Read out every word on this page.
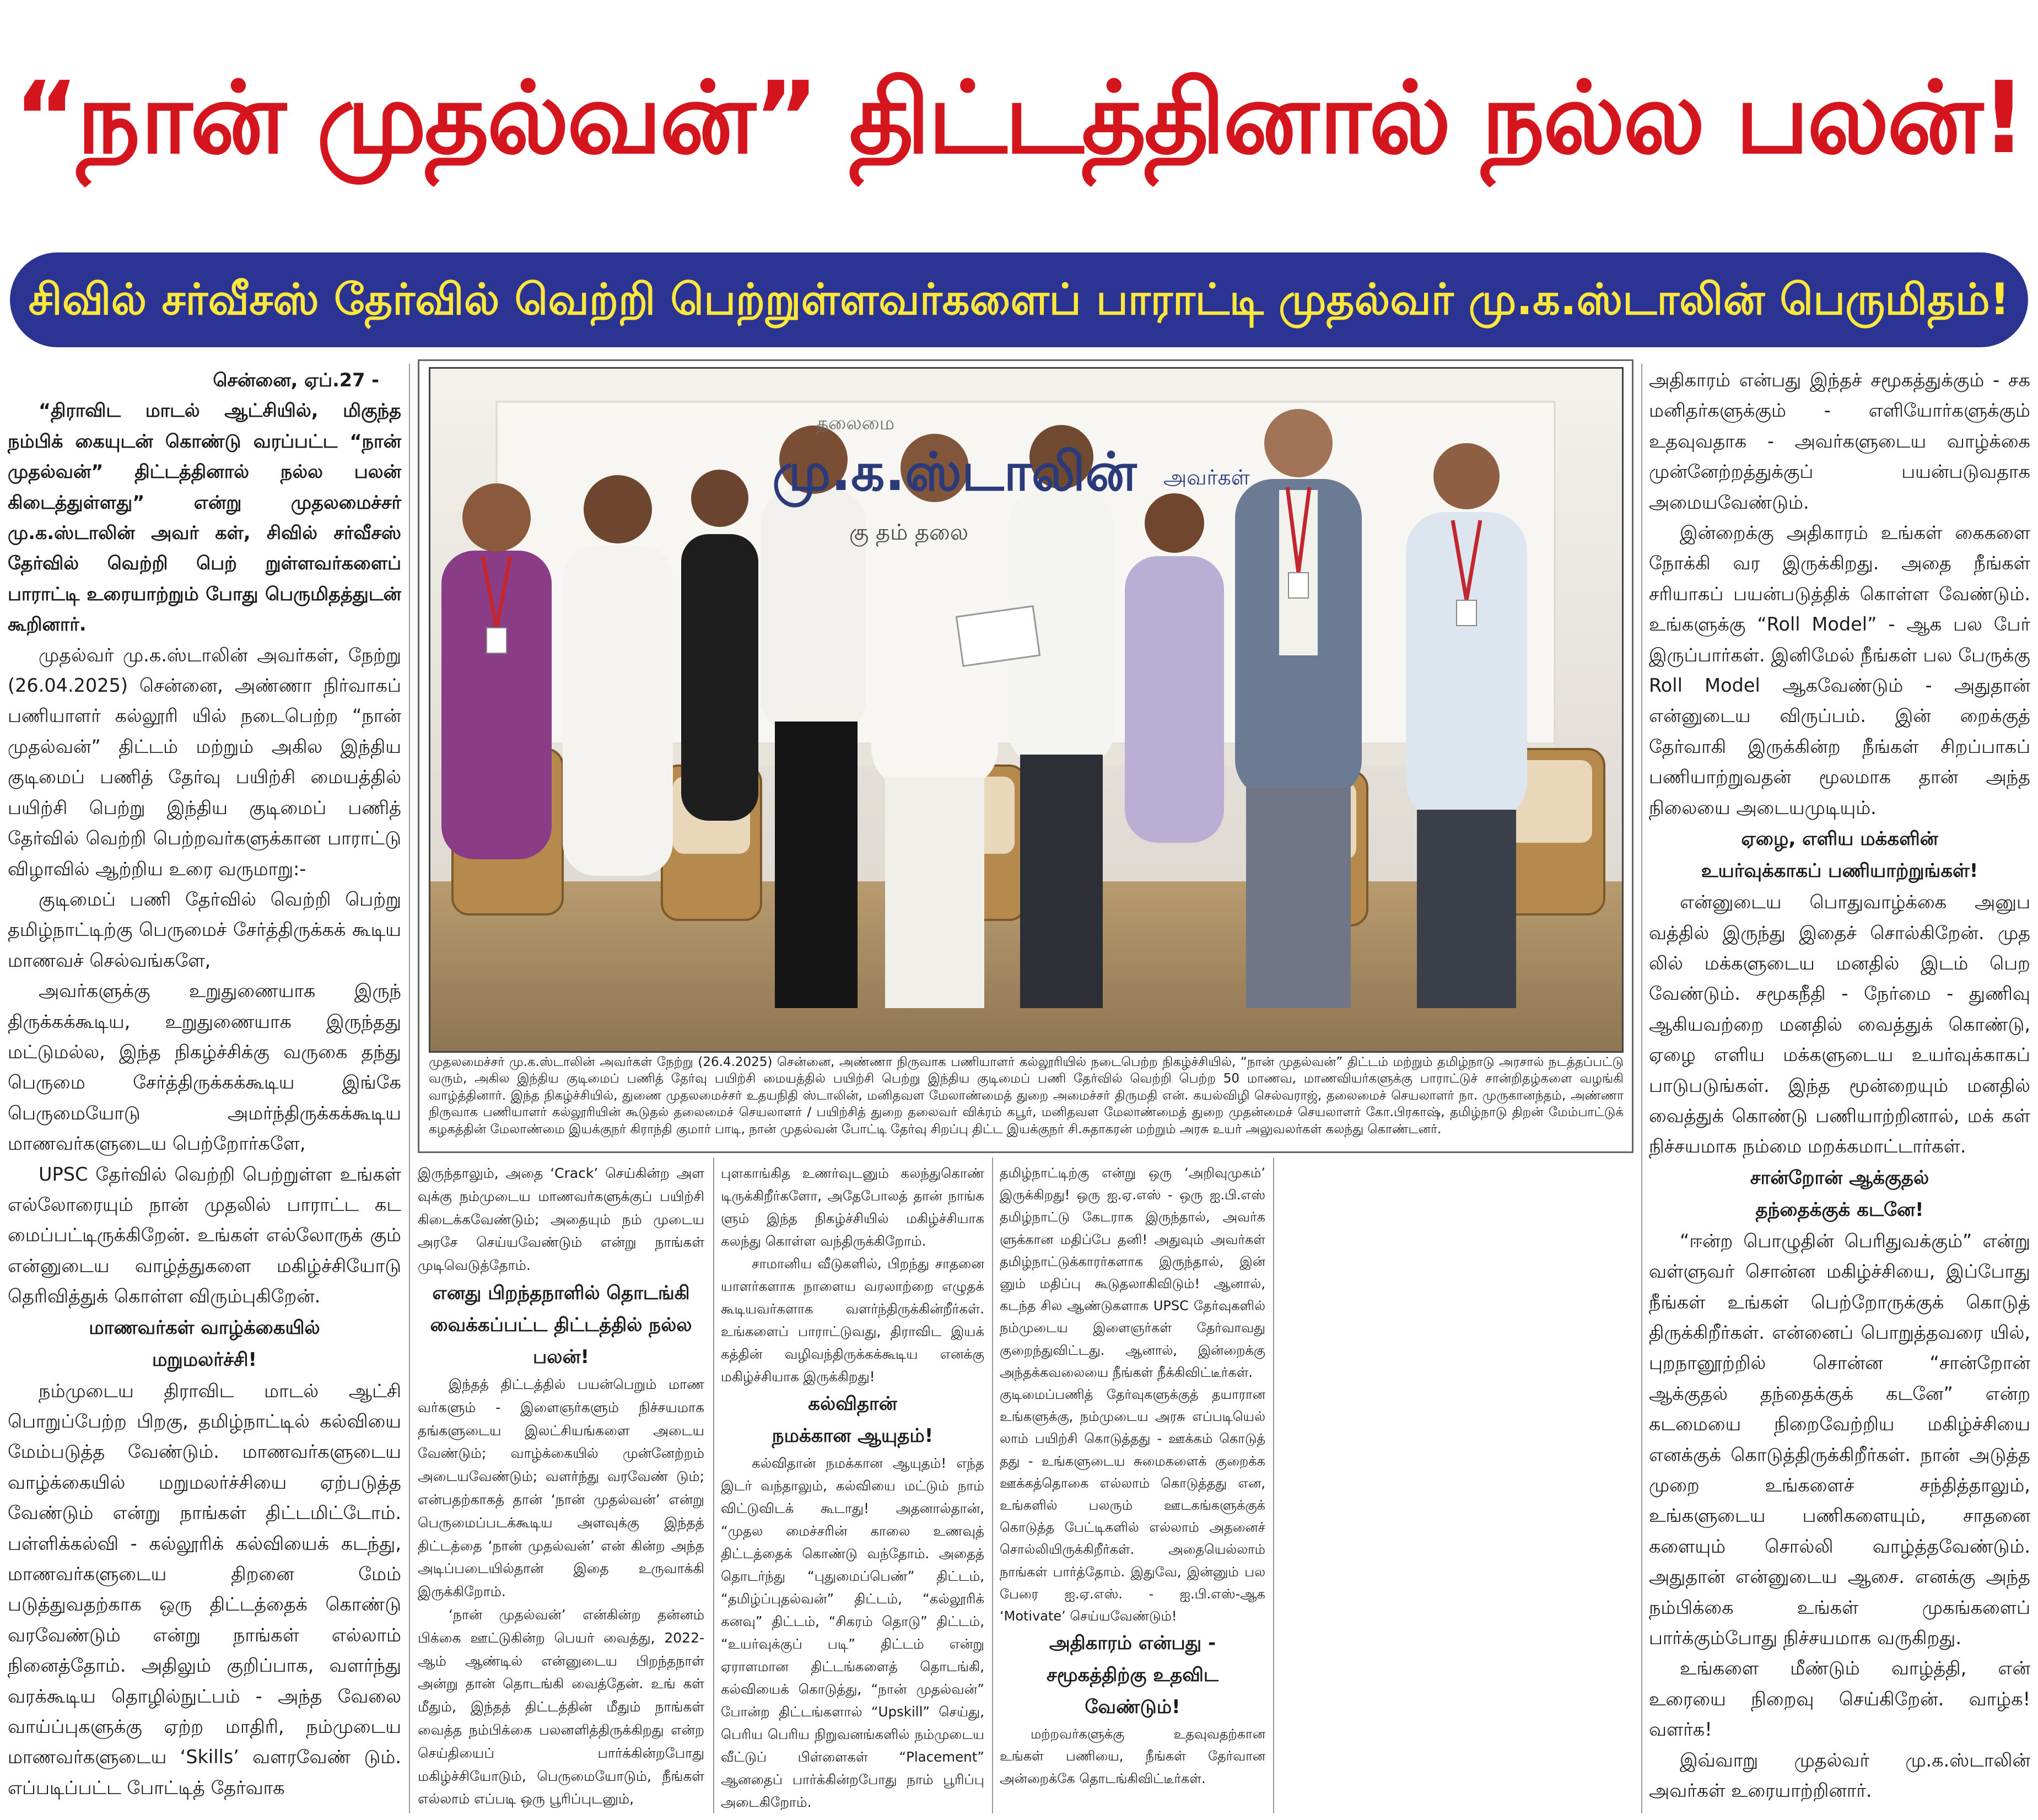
“நான் முதல்வன்” திட்டத்தினால் நல்ல பலன்!
சிவில் சர்வீசஸ் தேர்வில் வெற்றி பெற்றுள்ளவர்களைப் பாராட்டி முதல்வர் மு.க.ஸ்டாலின் பெருமிதம்!

சென்னை, ஏப்.27 -

“திராவிட மாடல் ஆட்சியில், மிகுந்த நம்பிக் கையுடன் கொண்டு வரப்பட்ட “நான் முதல்வன்” திட்டத்தினால் நல்ல பலன் கிடைத்துள்ளது” என்று முதலமைச்சர் மு.க.ஸ்டாலின் அவர் கள், சிவில் சர்வீசஸ் தேர்வில் வெற்றி பெற் றுள்ளவர்களைப் பாராட்டி உரையாற்றும் போது பெருமிதத்துடன் கூறினார்.

முதல்வர் மு.க.ஸ்டாலின் அவர்கள், நேற்று (26.04.2025) சென்னை, அண்ணா நிர்வாகப் பணியாளர் கல்லூரி யில் நடைபெற்ற “நான் முதல்வன்” திட்டம் மற்றும் அகில இந்திய குடிமைப் பணித் தேர்வு பயிற்சி மையத்தில் பயிற்சி பெற்று இந்திய குடிமைப் பணித் தேர்வில் வெற்றி பெற்றவர்களுக்கான பாராட்டு விழாவில் ஆற்றிய உரை வருமாறு:-

குடிமைப் பணி தேர்வில் வெற்றி பெற்று தமிழ்நாட்டிற்கு பெருமைச் சேர்த்திருக்கக் கூடிய மாணவச் செல்வங்களே,

அவர்களுக்கு உறுதுணையாக இருந் திருக்கக்கூடிய, உறுதுணையாக இருந்தது மட்டுமல்ல, இந்த நிகழ்ச்சிக்கு வருகை தந்து பெருமை சேர்த்திருக்கக்கூடிய இங்கே பெருமையோடு அமர்ந்திருக்கக்கூடிய மாணவர்களுடைய பெற்றோர்களே,

UPSC தேர்வில் வெற்றி பெற்றுள்ள உங்கள் எல்லோரையும் நான் முதலில் பாராட்ட கட மைப்பட்டிருக்கிறேன். உங்கள் எல்லோருக் கும் என்னுடைய வாழ்த்துகளை மகிழ்ச்சியோடு தெரிவித்துக் கொள்ள விரும்புகிறேன்.

மாணவர்கள் வாழ்க்கையில்

மறுமலர்ச்சி!

நம்முடைய திராவிட மாடல் ஆட்சி பொறுப்பேற்ற பிறகு, தமிழ்நாட்டில் கல்வியை மேம்படுத்த வேண்டும். மாணவர்களுடைய வாழ்க்கையில் மறுமலர்ச்சியை ஏற்படுத்த வேண்டும் என்று நாங்கள் திட்டமிட்டோம். பள்ளிக்கல்வி - கல்லூரிக் கல்வியைக் கடந்து, மாணவர்களுடைய திறனை மேம் படுத்துவதற்காக ஒரு திட்டத்தைக் கொண்டு வரவேண்டும் என்று நாங்கள் எல்லாம் நினைத்தோம். அதிலும் குறிப்பாக, வளர்ந்து வரக்கூடிய தொழில்நுட்பம் - அந்த வேலை வாய்ப்புகளுக்கு ஏற்ற மாதிரி, நம்முடைய மாணவர்களுடைய ‘Skills’ வளரவேண் டும். எப்படிப்பட்ட போட்டித் தேர்வாக

தலைமை
மு.க.ஸ்டாலின் அவர்கள்
கு தம் தலை
முதலமைச்சர் மு.க.ஸ்டாலின் அவர்கள் நேற்று (26.4.2025) சென்னை, அண்ணா நிருவாக பணியாளர் கல்லூரியில் நடைபெற்ற நிகழ்ச்சியில், “நான் முதல்வன்” திட்டம் மற்றும் தமிழ்நாடு அரசால் நடத்தப்பட்டு வரும், அகில இந்திய குடிமைப் பணித் தேர்வு பயிற்சி மையத்தில் பயிற்சி பெற்று இந்திய குடிமைப் பணி தேர்வில் வெற்றி பெற்ற 50 மாணவ, மாணவியர்களுக்கு பாராட்டுச் சான்றிதழ்களை வழங்கி வாழ்த்தினார். இந்த நிகழ்ச்சியில், துணை முதலமைச்சர் உதயநிதி ஸ்டாலின், மனிதவள மேலாண்மைத் துறை அமைச்சர் திருமதி என். கயல்விழி செல்வராஜ், தலைமைச் செயலாளர் நா. முருகானந்தம், அண்ணா நிருவாக பணியாளர் கல்லூரியின் கூடுதல் தலைமைச் செயலாளர் / பயிற்சித் துறை தலைவர் விக்ரம் கபூர், மனிதவள மேலாண்மைத் துறை முதன்மைச் செயலாளர் கோ.பிரகாஷ், தமிழ்நாடு திறன் மேம்பாட்டுக் கழகத்தின் மேலாண்மை இயக்குநர் கிராந்தி குமார் பாடி, நான் முதல்வன் போட்டி தேர்வு சிறப்பு திட்ட இயக்குநர் சி.சுதாகரன் மற்றும் அரசு உயர் அலுவலர்கள் கலந்து கொண்டனர்.

இருந்தாலும், அதை ‘Crack’ செய்கின்ற அள வுக்கு நம்முடைய மாணவர்களுக்குப் பயிற்சி கிடைக்கவேண்டும்; அதையும் நம் முடைய அரசே செய்யவேண்டும் என்று நாங்கள் முடிவெடுத்தோம்.

எனது பிறந்தநாளில் தொடங்கி

வைக்கப்பட்ட திட்டத்தில் நல்ல பலன்!

இந்தத் திட்டத்தில் பயன்பெறும் மாண வர்களும் - இளைஞர்களும் நிச்சயமாக தங்களுடைய இலட்சியங்களை அடைய வேண்டும்; வாழ்க்கையில் முன்னேற்றம் அடையவேண்டும்; வளர்ந்து வரவேண் டும்; என்பதற்காகத் தான் ‘நான் முதல்வன்’ என்று பெருமைப்படக்கூடிய அளவுக்கு இந்தத் திட்டத்தை ‘நான் முதல்வன்’ என் கின்ற அந்த அடிப்படையில்தான் இதை உருவாக்கி இருக்கிறோம்.

‘நான் முதல்வன்’ என்கின்ற தன்னம் பிக்கை ஊட்டுகின்ற பெயர் வைத்து, 2022-ஆம் ஆண்டில் என்னுடைய பிறந்தநாள் அன்று தான் தொடங்கி வைத்தேன். உங் கள் மீதும், இந்தத் திட்டத்தின் மீதும் நாங்கள் வைத்த நம்பிக்கை பலனளித்திருக்கிறது என்ற செய்தியைப் பார்க்கின்றபோது மகிழ்ச்சியோடும், பெருமையோடும், நீங்கள் எல்லாம் எப்படி ஒரு பூரிப்புடனும்,

புளகாங்கித உணர்வுடனும் கலந்துகொண் டிருக்கிறீர்களோ, அதேபோலத் தான் நாங்க ளும் இந்த நிகழ்ச்சியில் மகிழ்ச்சியாக கலந்து கொள்ள வந்திருக்கிறோம்.

சாமானிய வீடுகளில், பிறந்து சாதனை யாளர்களாக நாளைய வரலாற்றை எழுதக் கூடியவர்களாக வளர்ந்திருக்கின்றீர்கள். உங்களைப் பாராட்டுவது, திராவிட இயக் கத்தின் வழிவந்திருக்கக்கூடிய எனக்கு மகிழ்ச்சியாக இருக்கிறது!

கல்விதான்

நமக்கான ஆயுதம்!

கல்விதான் நமக்கான ஆயுதம்! எந்த இடர் வந்தாலும், கல்வியை மட்டும் நாம் விட்டுவிடக் கூடாது! அதனால்தான், “முதல மைச்சரின் காலை உணவுத் திட்டத்தைக் கொண்டு வந்தோம். அதைத் தொடர்ந்து “புதுமைப்பெண்” திட்டம், “தமிழ்ப்புதல்வன்” திட்டம், “கல்லூரிக் கனவு” திட்டம், “சிகரம் தொடு” திட்டம், “உயர்வுக்குப் படி” திட்டம் என்று ஏராளமான திட்டங்களைத் தொடங்கி, கல்வியைக் கொடுத்து, “நான் முதல்வன்” போன்ற திட்டங்களால் “Upskill” செய்து, பெரிய பெரிய நிறுவனங்களில் நம்முடைய வீட்டுப் பிள்ளைகள் “Placement” ஆனதைப் பார்க்கின்றபோது நாம் பூரிப்பு அடைகிறோம்.

தமிழ்நாட்டிற்கு என்று ஒரு ‘அறிவுமுகம்’ இருக்கிறது! ஒரு ஐ.ஏ.எஸ் - ஒரு ஐ.பி.எஸ் தமிழ்நாட்டு கேடராக இருந்தால், அவர்க ளுக்கான மதிப்பே தனி! அதுவும் அவர்கள் தமிழ்நாட்டுக்காரர்களாக இருந்தால், இன் னும் மதிப்பு கூடுதலாகிவிடும்! ஆனால், கடந்த சில ஆண்டுகளாக UPSC தேர்வுகளில் நம்முடைய இளைஞர்கள் தேர்வாவது குறைந்துவிட்டது. ஆனால், இன்றைக்கு அந்தக்கவலையை நீங்கள் நீக்கிவிட்டீர்கள்.

குடிமைப்பணித் தேர்வுகளுக்குத் தயாரான உங்களுக்கு, நம்முடைய அரசு எப்படியெல் லாம் பயிற்சி கொடுத்தது - ஊக்கம் கொடுத் தது - உங்களுடைய சுமைகளைக் குறைக்க ஊக்கத்தொகை எல்லாம் கொடுத்தது என, உங்களில் பலரும் ஊடகங்களுக்குக் கொடுத்த பேட்டிகளில் எல்லாம் அதனைச் சொல்லியிருக்கிறீர்கள். அதையெல்லாம் நாங்கள் பார்த்தோம். இதுவே, இன்னும் பல பேரை ஐ.ஏ.எஸ். - ஐ.பி.எஸ்-ஆக ‘Motivate’ செய்யவேண்டும்!

அதிகாரம் என்பது -

சமூகத்திற்கு உதவிட வேண்டும்!

மற்றவர்களுக்கு உதவுவதற்கான உங்கள் பணியை, நீங்கள் தேர்வான அன்றைக்கே தொடங்கிவிட்டீர்கள்.

அதிகாரம் என்பது இந்தச் சமூகத்துக்கும் - சக மனிதர்களுக்கும் - எளியோர்களுக்கும் உதவுவதாக - அவர்களுடைய வாழ்க்கை முன்னேற்றத்துக்குப் பயன்படுவதாக அமையவேண்டும்.

இன்றைக்கு அதிகாரம் உங்கள் கைகளை நோக்கி வர இருக்கிறது. அதை நீங்கள் சரியாகப் பயன்படுத்திக் கொள்ள வேண்டும். உங்களுக்கு “Roll Model” - ஆக பல பேர் இருப்பார்கள். இனிமேல் நீங்கள் பல பேருக்கு Roll Model ஆகவேண்டும் - அதுதான் என்னுடைய விருப்பம். இன் றைக்குத் தேர்வாகி இருக்கின்ற நீங்கள் சிறப்பாகப் பணியாற்றுவதன் மூலமாக தான் அந்த நிலையை அடையமுடியும்.

ஏழை, எளிய மக்களின்

உயர்வுக்காகப் பணியாற்றுங்கள்!

என்னுடைய பொதுவாழ்க்கை அனுப வத்தில் இருந்து இதைச் சொல்கிறேன். முத லில் மக்களுடைய மனதில் இடம் பெற வேண்டும். சமூகநீதி - நேர்மை - துணிவு ஆகியவற்றை மனதில் வைத்துக் கொண்டு, ஏழை எளிய மக்களுடைய உயர்வுக்காகப் பாடுபடுங்கள். இந்த மூன்றையும் மனதில் வைத்துக் கொண்டு பணியாற்றினால், மக் கள் நிச்சயமாக நம்மை மறக்கமாட்டார்கள்.

சான்றோன் ஆக்குதல்

தந்தைக்குக் கடனே!

“ஈன்ற பொழுதின் பெரிதுவக்கும்” என்று வள்ளுவர் சொன்ன மகிழ்ச்சியை, இப்போது நீங்கள் உங்கள் பெற்றோருக்குக் கொடுத் திருக்கிறீர்கள். என்னைப் பொறுத்தவரை யில், புறநானூற்றில் சொன்ன “சான்றோன் ஆக்குதல் தந்தைக்குக் கடனே” என்ற கடமையை நிறைவேற்றிய மகிழ்ச்சியை எனக்குக் கொடுத்திருக்கிறீர்கள். நான் அடுத்த முறை உங்களைச் சந்தித்தாலும், உங்களுடைய பணிகளையும், சாதனை களையும் சொல்லி வாழ்த்தவேண்டும். அதுதான் என்னுடைய ஆசை. எனக்கு அந்த நம்பிக்கை உங்கள் முகங்களைப் பார்க்கும்போது நிச்சயமாக வருகிறது.

உங்களை மீண்டும் வாழ்த்தி, என் உரையை நிறைவு செய்கிறேன். வாழ்க! வளர்க!

இவ்வாறு முதல்வர் மு.க.ஸ்டாலின் அவர்கள் உரையாற்றினார்.
